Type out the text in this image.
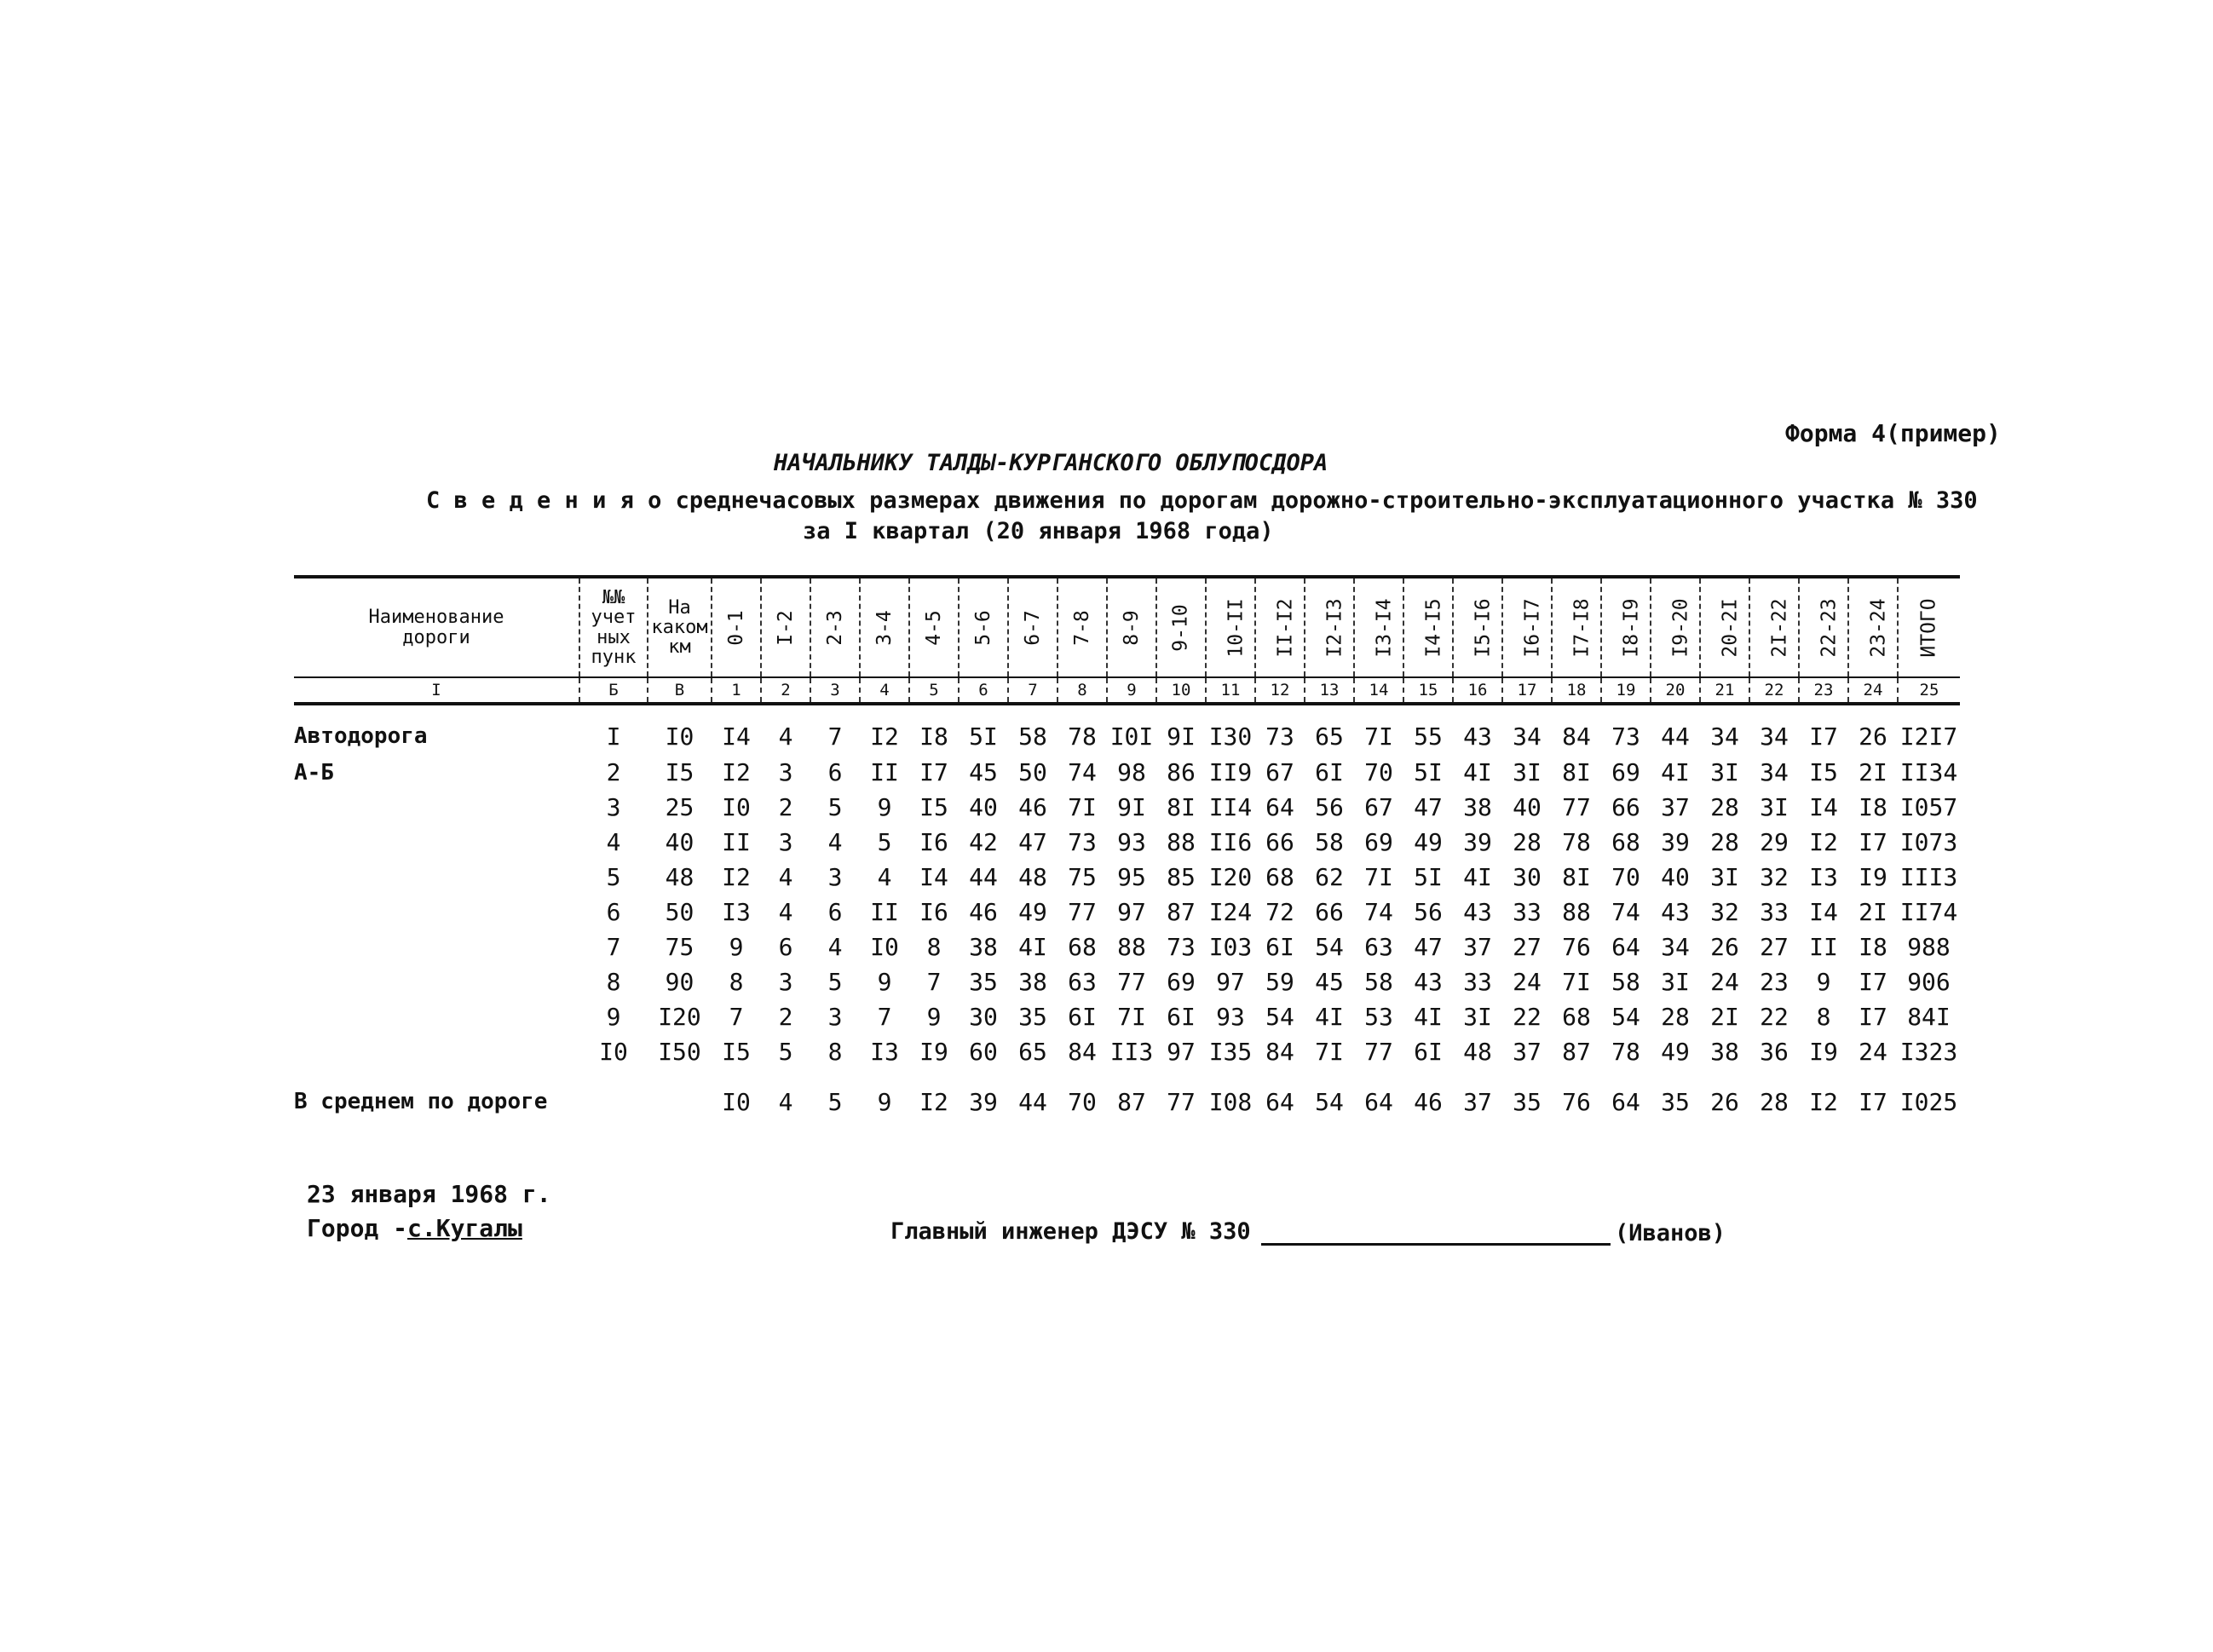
Форма 4(пример)
НАЧАЛЬНИКУ ТАЛДЫ-КУРГАНСКОГО ОБЛУПОСДОРА
С в е д е н и я о среднечасовых размерах движения по дорогам дорожно-строительно-эксплуатационного участка № 330
за I квартал (20 января 1968 года)
Наименование
дороги	№№
учет
ных
пунк	На
каком
км	0-1	I-2	2-3	3-4	4-5	5-6	6-7	7-8	8-9	9-10	10-II	II-I2	I2-I3	I3-I4	I4-I5	I5-I6	I6-I7	I7-I8	I8-I9	I9-20	20-2I	2I-22	22-23	23-24	ИТОГО
I	Б	В	1	2	3	4	5	6	7	8	9	10	11	12	13	14	15	16	17	18	19	20	21	22	23	24	25
Автодорога	I	I0	I4	4	7	I2	I8	5I	58	78	I0I	9I	I30	73	65	7I	55	43	34	84	73	44	34	34	I7	26	I2I7
А-Б	2	I5	I2	3	6	II	I7	45	50	74	98	86	II9	67	6I	70	5I	4I	3I	8I	69	4I	3I	34	I5	2I	II34
	3	25	I0	2	5	9	I5	40	46	7I	9I	8I	II4	64	56	67	47	38	40	77	66	37	28	3I	I4	I8	I057
	4	40	II	3	4	5	I6	42	47	73	93	88	II6	66	58	69	49	39	28	78	68	39	28	29	I2	I7	I073
	5	48	I2	4	3	4	I4	44	48	75	95	85	I20	68	62	7I	5I	4I	30	8I	70	40	3I	32	I3	I9	III3
	6	50	I3	4	6	II	I6	46	49	77	97	87	I24	72	66	74	56	43	33	88	74	43	32	33	I4	2I	II74
	7	75	9	6	4	I0	8	38	4I	68	88	73	I03	6I	54	63	47	37	27	76	64	34	26	27	II	I8	988
	8	90	8	3	5	9	7	35	38	63	77	69	97	59	45	58	43	33	24	7I	58	3I	24	23	9	I7	906
	9	I20	7	2	3	7	9	30	35	6I	7I	6I	93	54	4I	53	4I	3I	22	68	54	28	2I	22	8	I7	84I
	I0	I50	I5	5	8	I3	I9	60	65	84	II3	97	I35	84	7I	77	6I	48	37	87	78	49	38	36	I9	24	I323
В среднем по дороге			I0	4	5	9	I2	39	44	70	87	77	I08	64	54	64	46	37	35	76	64	35	26	28	I2	I7	I025
23 января 1968 г.
Город -с.Кугалы	Главный инженер ДЭСУ № 330	(Иванов)
